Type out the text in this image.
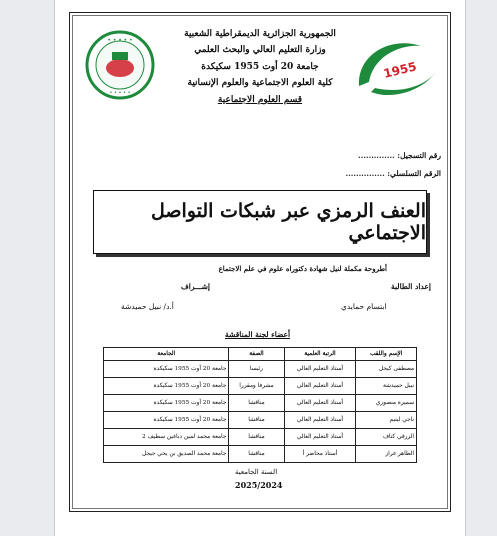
• • • • •
• • • • •
1955
الجمهورية الجزائرية الديمقراطية الشعبية
وزارة التعليم العالي والبحث العلمي
جامعة 20 أوت 1955 سكيكدة
كلية العلوم الاجتماعية والعلوم الإنسانية
قسم العلوم الاجتماعية
رقم التسجيل: ..............
الرقم التسلسلي: ...............
العنف الرمزي عبر شبكات التواصل الاجتماعي
أطروحة مكملة لنيل شهادة دكتوراه علوم في علم الاجتماع
إعداد الطالبة
إشـــراف
ابتسام حمايدي
أ.د/ نبيل حميدشة
أعضاء لجنة المناقشة
الإسم واللقب	الرتبة العلمية	الصفة	الجامعة
مصطفى كيحل	أستاذ التعليم العالي	رئيسا	جامعة 20 أوت 1955 سكيكدة
نبيل حميدشة	أستاذ التعليم العالي	مشرفا ومقررا	جامعة 20 أوت 1955 سكيكدة
سميرة منصوري	أستاذ التعليم العالي	مناقشا	جامعة 20 أوت 1955 سكيكدة
ناجي ليتيم	أستاذ التعليم العالي	مناقشا	جامعة 20 أوت 1955 سكيكدة
الزرقي كتاف	أستاذ التعليم العالي	مناقشا	جامعة محمد لمين دباغين سطيف 2
الطاهر غراز	أستاذ محاضر أ	مناقشا	جامعة محمد الصديق بن يحي جيجل
السنة الجامعية
2025/2024
